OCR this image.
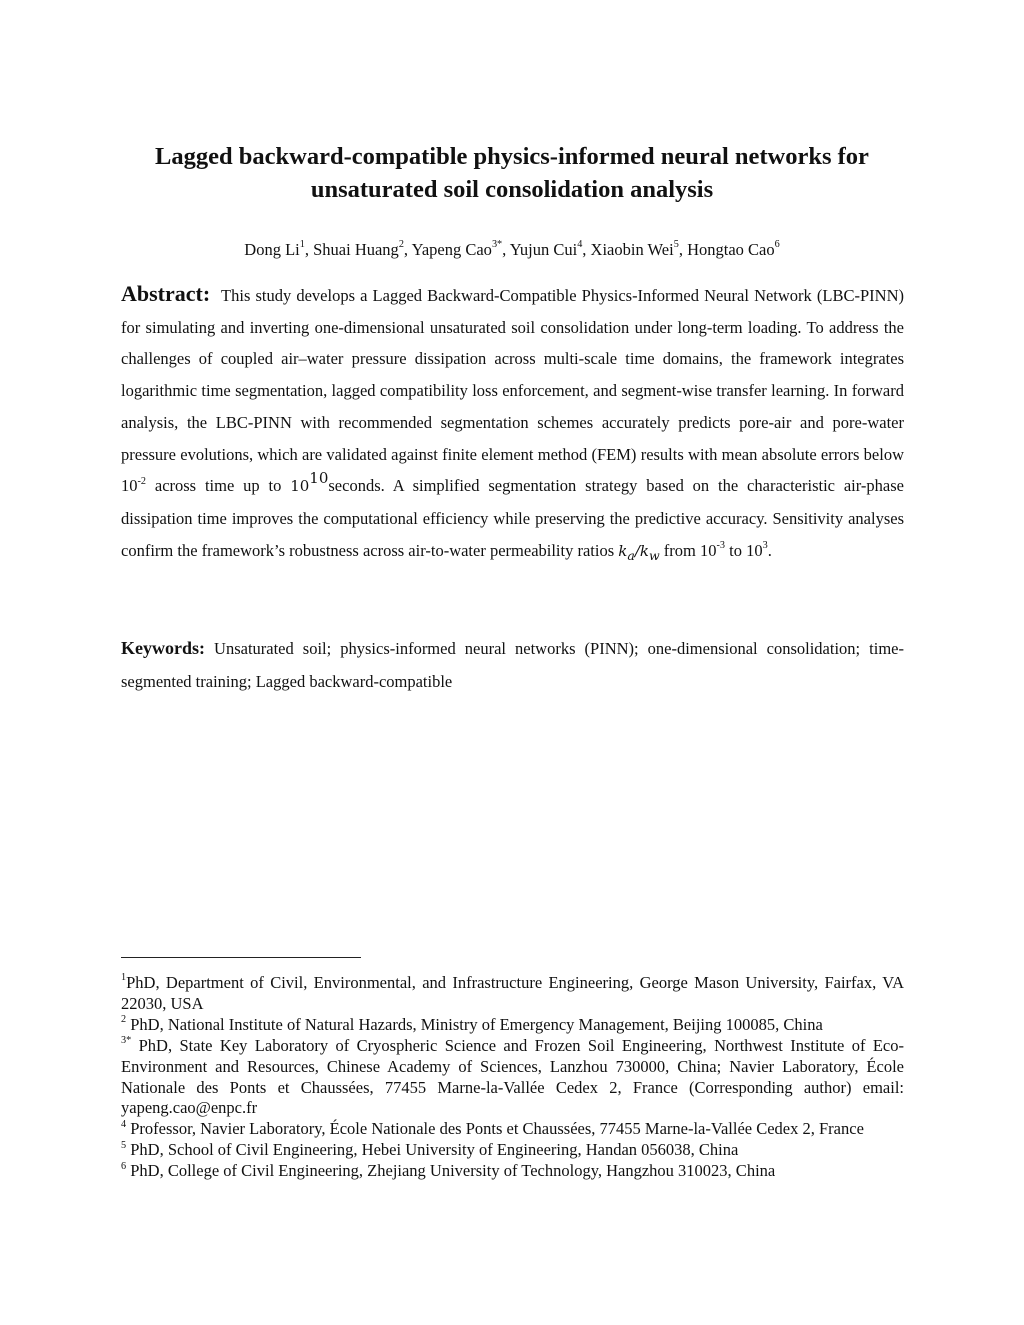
Lagged backward-compatible physics-informed neural networks for
unsaturated soil consolidation analysis
Dong Li$^1$, Shuai Huang$^2$, Yapeng Cao$^{3*}$, Yujun Cui$^4$, Xiaobin Wei$^5$, Hongtao Cao$^6$
Abstract: This study develops a Lagged Backward-Compatible Physics-Informed Neural Network (LBC-PINN) for simulating and inverting one-dimensional unsaturated soil consolidation under long-term loading. To address the challenges of coupled air–water pressure dissipation across multi-scale time domains, the framework integrates logarithmic time segmentation, lagged compatibility loss enforcement, and segment-wise transfer learning. In forward analysis, the LBC-PINN with recommended segmentation schemes accurately predicts pore-air and pore-water pressure evolutions, which are validated against finite element method (FEM) results with mean absolute errors below $10^{-2}$ across time up to $10^{10}seconds$. A simplified segmentation strategy based on the characteristic air-phase dissipation time improves the computational efficiency while preserving the predictive accuracy. Sensitivity analyses confirm the framework’s robustness across air-to-water permeability ratios $k_a/k_w$ from $10^{-3}$ to $10^3$.
Keywords: Unsaturated soil; physics-informed neural networks (PINN); one-dimensional consolidation; time-segmented training; Lagged backward-compatible

$^1$PhD, Department of Civil, Environmental, and Infrastructure Engineering, George Mason University, Fairfax, VA 22030, USA

$^2$ PhD, National Institute of Natural Hazards, Ministry of Emergency Management, Beijing 100085, China

$^{3*}$ PhD, State Key Laboratory of Cryospheric Science and Frozen Soil Engineering, Northwest Institute of Eco-Environment and Resources, Chinese Academy of Sciences, Lanzhou 730000, China; Navier Laboratory, École Nationale des Ponts et Chaussées, 77455 Marne-la-Vallée Cedex 2, France (Corresponding author) email: yapeng.cao@enpc.fr

$^4$ Professor, Navier Laboratory, École Nationale des Ponts et Chaussées, 77455 Marne-la-Vallée Cedex 2, France

$^5$ PhD, School of Civil Engineering, Hebei University of Engineering, Handan 056038, China

$^6$ PhD, College of Civil Engineering, Zhejiang University of Technology, Hangzhou 310023, China
